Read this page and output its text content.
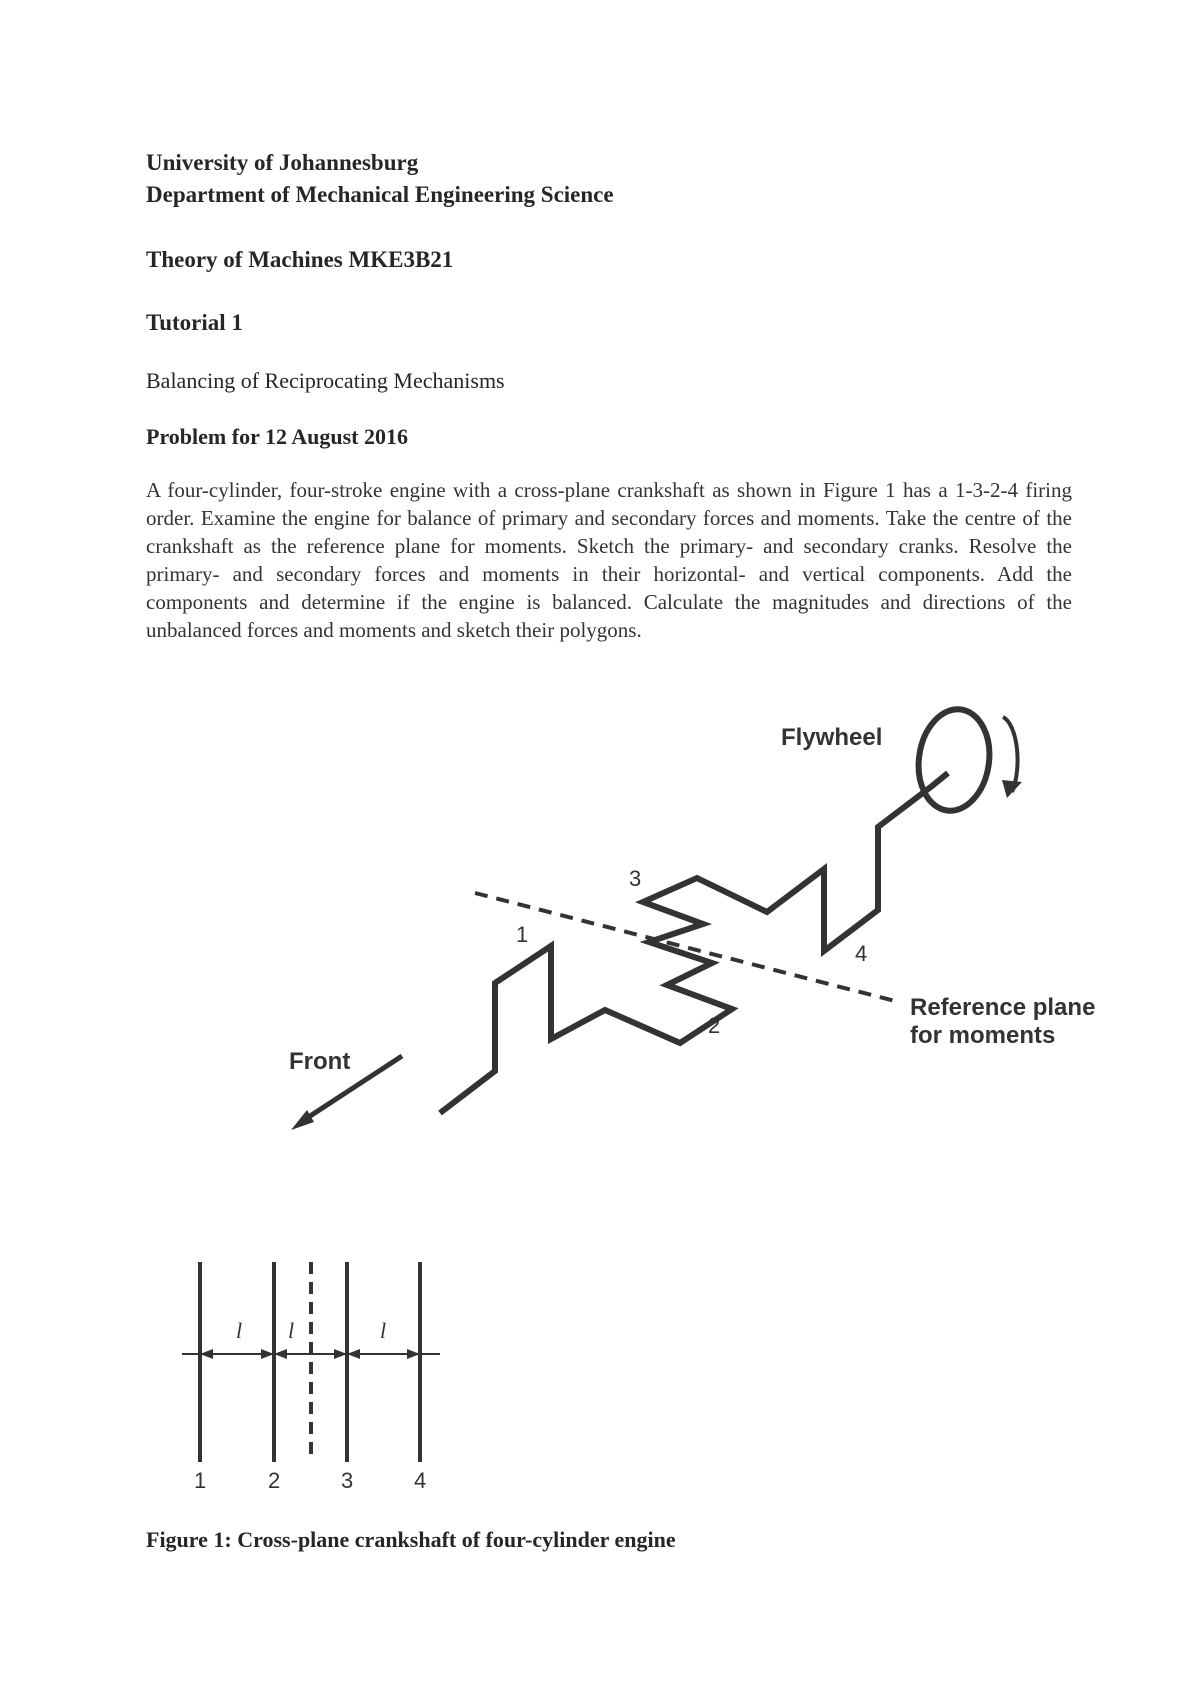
University of Johannesburg
Department of Mechanical Engineering Science
Theory of Machines MKE3B21
Tutorial 1
Balancing of Reciprocating Mechanisms
Problem for 12 August 2016
A four-cylinder, four-stroke engine with a cross-plane crankshaft as shown in Figure 1 has a 1-3-2-4 firing order. Examine the engine for balance of primary and secondary forces and moments. Take the centre of the crankshaft as the reference plane for moments. Sketch the primary- and secondary cranks. Resolve the primary- and secondary forces and moments in their horizontal- and vertical components. Add the components and determine if the engine is balanced. Calculate the magnitudes and directions of the unbalanced forces and moments and sketch their polygons.
Flywheel
Front
Reference plane
for moments
1
2
3
4
l l	l
1	2	3	4
Figure 1: Cross-plane crankshaft of four-cylinder engine
